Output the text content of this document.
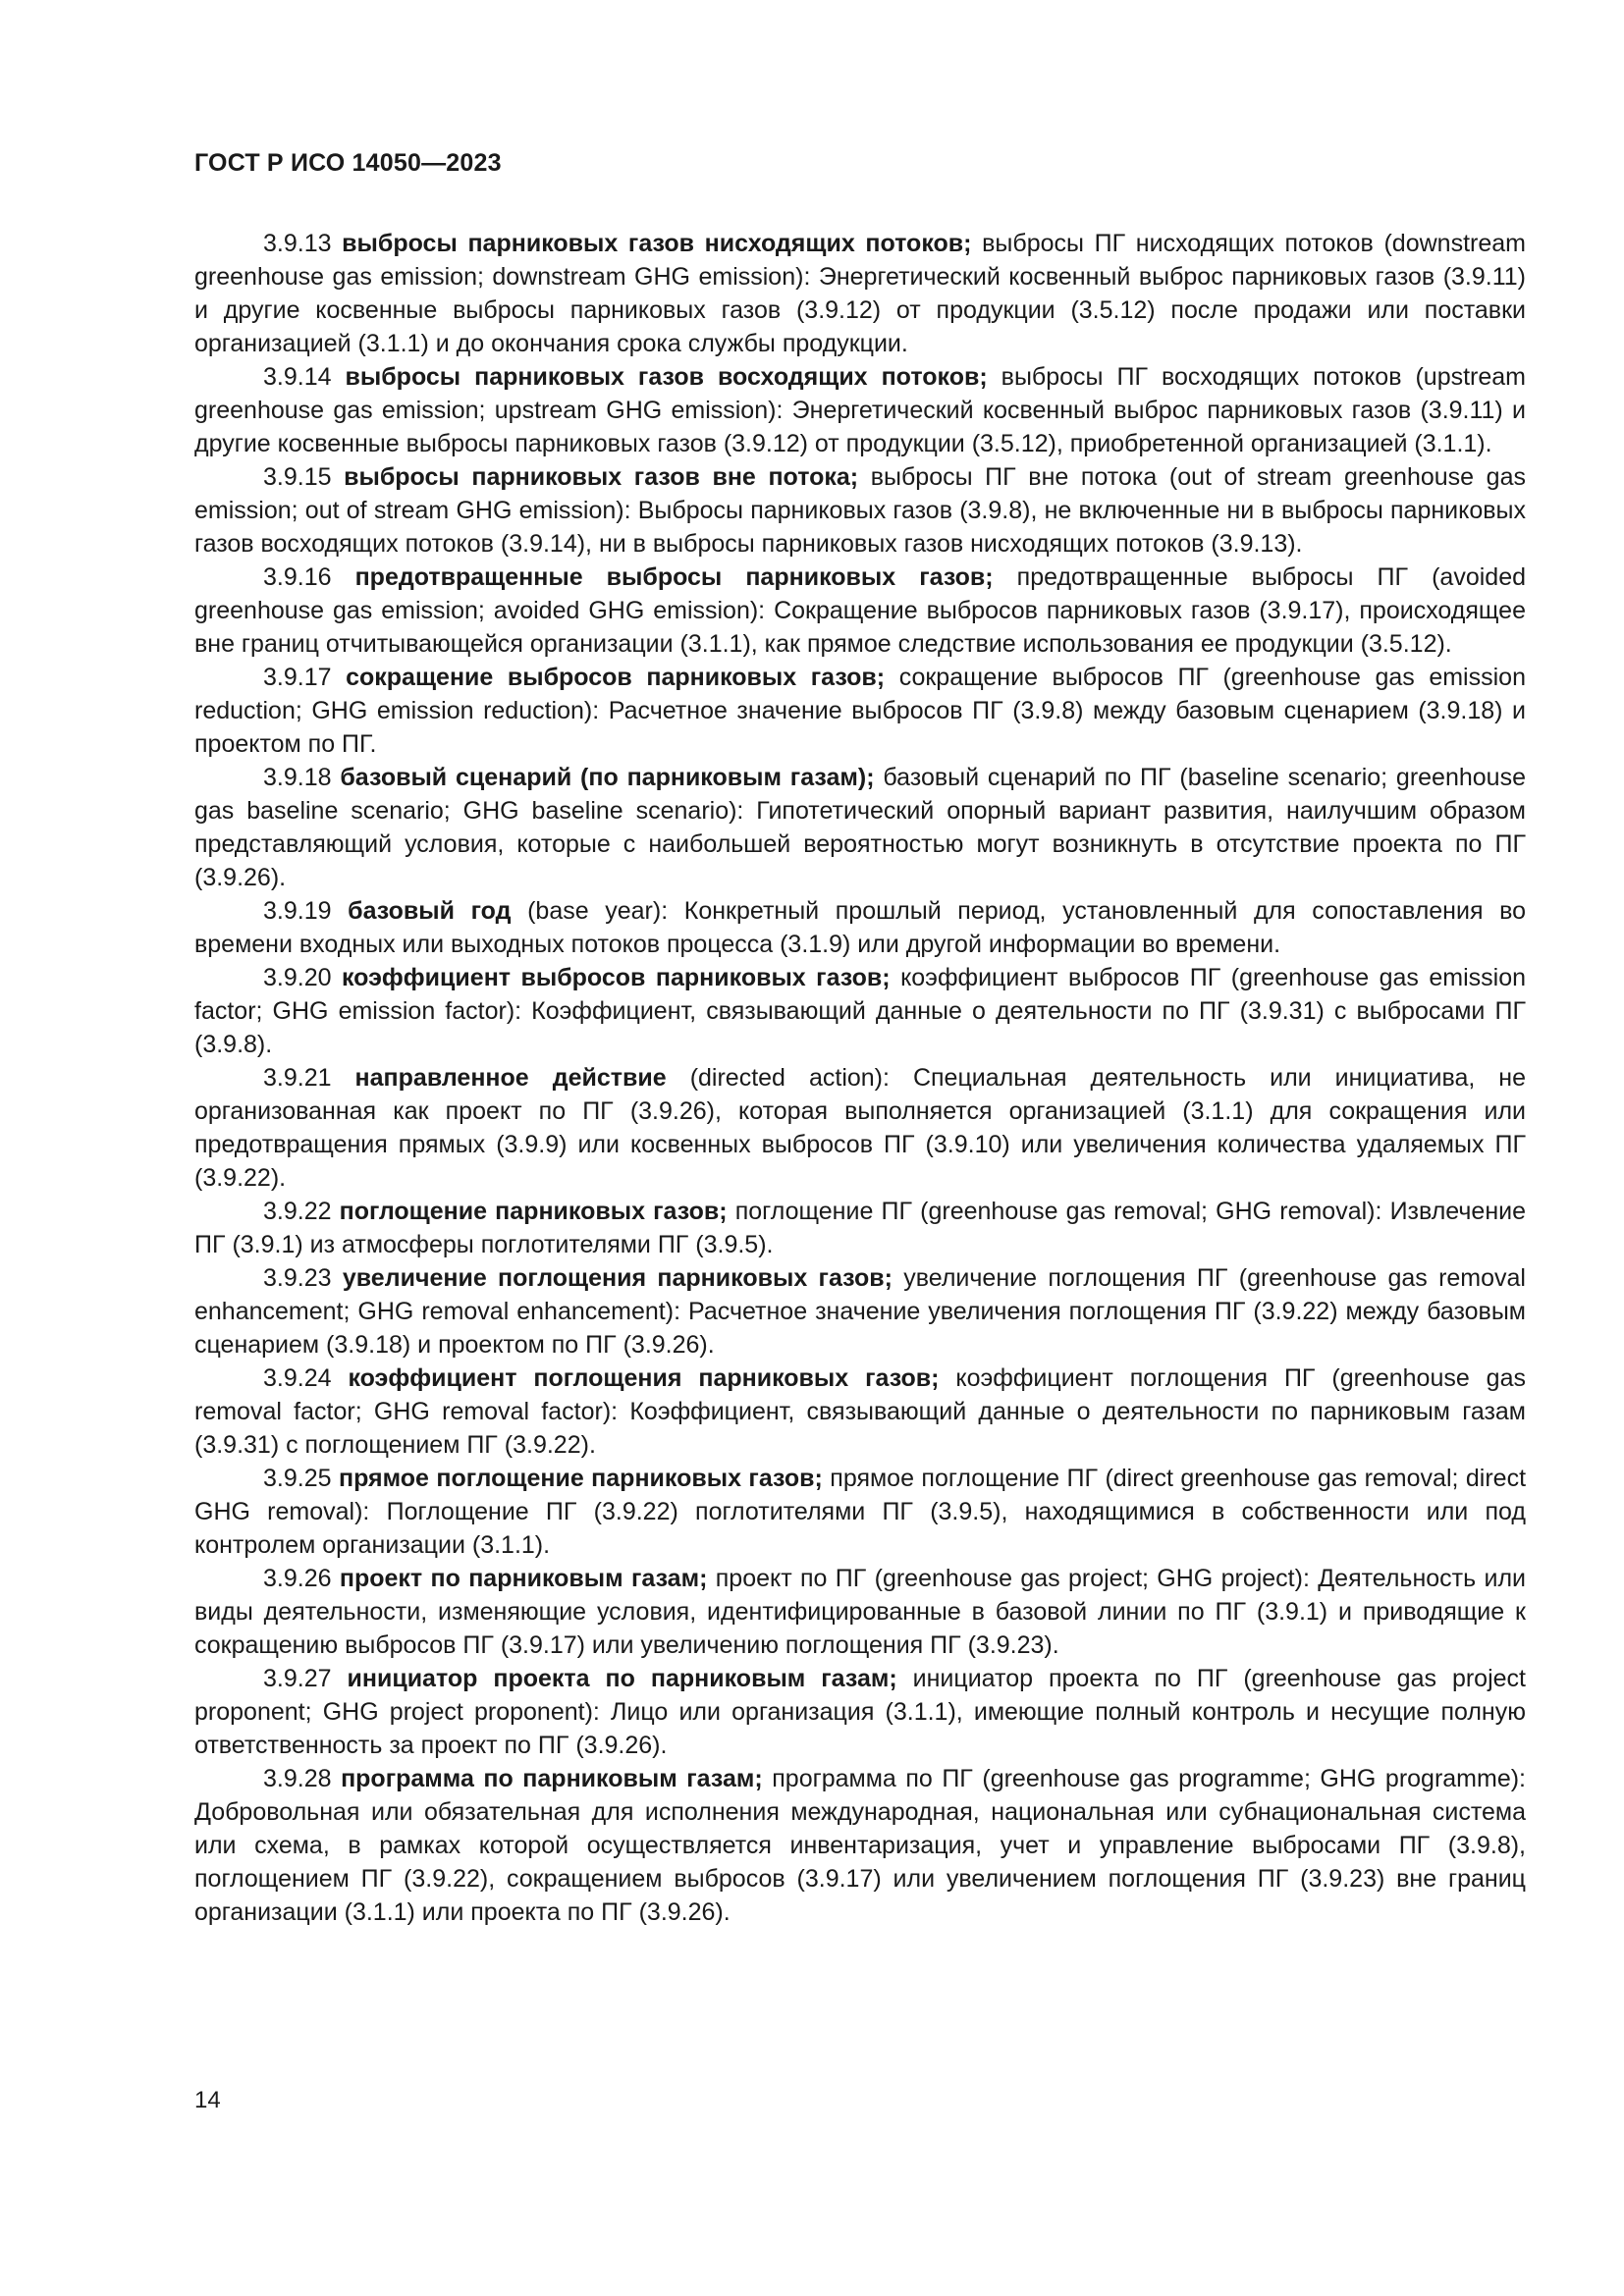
ГОСТ Р ИСО 14050—2023

3.9.13 выбросы парниковых газов нисходящих потоков; выбросы ПГ нисходящих потоков (downstream greenhouse gas emission; downstream GHG emission): Энергетический косвенный выброс парниковых газов (3.9.11) и другие косвенные выбросы парниковых газов (3.9.12) от продукции (3.5.12) после продажи или поставки организацией (3.1.1) и до окончания срока службы продукции.

3.9.14 выбросы парниковых газов восходящих потоков; выбросы ПГ восходящих потоков (upstream greenhouse gas emission; upstream GHG emission): Энергетический косвенный выброс парниковых газов (3.9.11) и другие косвенные выбросы парниковых газов (3.9.12) от продукции (3.5.12), приобретенной организацией (3.1.1).

3.9.15 выбросы парниковых газов вне потока; выбросы ПГ вне потока (out of stream greenhouse gas emission; out of stream GHG emission): Выбросы парниковых газов (3.9.8), не включенные ни в выбросы парниковых газов восходящих потоков (3.9.14), ни в выбросы парниковых газов нисходящих потоков (3.9.13).

3.9.16 предотвращенные выбросы парниковых газов; предотвращенные выбросы ПГ (avoided greenhouse gas emission; avoided GHG emission): Сокращение выбросов парниковых газов (3.9.17), происходящее вне границ отчитывающейся организации (3.1.1), как прямое следствие использования ее продукции (3.5.12).

3.9.17 сокращение выбросов парниковых газов; сокращение выбросов ПГ (greenhouse gas emission reduction; GHG emission reduction): Расчетное значение выбросов ПГ (3.9.8) между базовым сценарием (3.9.18) и проектом по ПГ.

3.9.18 базовый сценарий (по парниковым газам); базовый сценарий по ПГ (baseline scenario; greenhouse gas baseline scenario; GHG baseline scenario): Гипотетический опорный вариант развития, наилучшим образом представляющий условия, которые с наибольшей вероятностью могут возникнуть в отсутствие проекта по ПГ (3.9.26).

3.9.19 базовый год (base year): Конкретный прошлый период, установленный для сопоставления во времени входных или выходных потоков процесса (3.1.9) или другой информации во времени.

3.9.20 коэффициент выбросов парниковых газов; коэффициент выбросов ПГ (greenhouse gas emission factor; GHG emission factor): Коэффициент, связывающий данные о деятельности по ПГ (3.9.31) с выбросами ПГ (3.9.8).

3.9.21 направленное действие (directed action): Специальная деятельность или инициатива, не организованная как проект по ПГ (3.9.26), которая выполняется организацией (3.1.1) для сокращения или предотвращения прямых (3.9.9) или косвенных выбросов ПГ (3.9.10) или увеличения количества удаляемых ПГ (3.9.22).

3.9.22 поглощение парниковых газов; поглощение ПГ (greenhouse gas removal; GHG removal): Извлечение ПГ (3.9.1) из атмосферы поглотителями ПГ (3.9.5).

3.9.23 увеличение поглощения парниковых газов; увеличение поглощения ПГ (greenhouse gas removal enhancement; GHG removal enhancement): Расчетное значение увеличения поглощения ПГ (3.9.22) между базовым сценарием (3.9.18) и проектом по ПГ (3.9.26).

3.9.24 коэффициент поглощения парниковых газов; коэффициент поглощения ПГ (greenhouse gas removal factor; GHG removal factor): Коэффициент, связывающий данные о деятельности по парниковым газам (3.9.31) с поглощением ПГ (3.9.22).

3.9.25 прямое поглощение парниковых газов; прямое поглощение ПГ (direct greenhouse gas removal; direct GHG removal): Поглощение ПГ (3.9.22) поглотителями ПГ (3.9.5), находящимися в собственности или под контролем организации (3.1.1).

3.9.26 проект по парниковым газам; проект по ПГ (greenhouse gas project; GHG project): Деятельность или виды деятельности, изменяющие условия, идентифицированные в базовой линии по ПГ (3.9.1) и приводящие к сокращению выбросов ПГ (3.9.17) или увеличению поглощения ПГ (3.9.23).

3.9.27 инициатор проекта по парниковым газам; инициатор проекта по ПГ (greenhouse gas project proponent; GHG project proponent): Лицо или организация (3.1.1), имеющие полный контроль и несущие полную ответственность за проект по ПГ (3.9.26).

3.9.28 программа по парниковым газам; программа по ПГ (greenhouse gas programme; GHG programme): Добровольная или обязательная для исполнения международная, национальная или субнациональная система или схема, в рамках которой осуществляется инвентаризация, учет и управление выбросами ПГ (3.9.8), поглощением ПГ (3.9.22), сокращением выбросов (3.9.17) или увеличением поглощения ПГ (3.9.23) вне границ организации (3.1.1) или проекта по ПГ (3.9.26).

14
